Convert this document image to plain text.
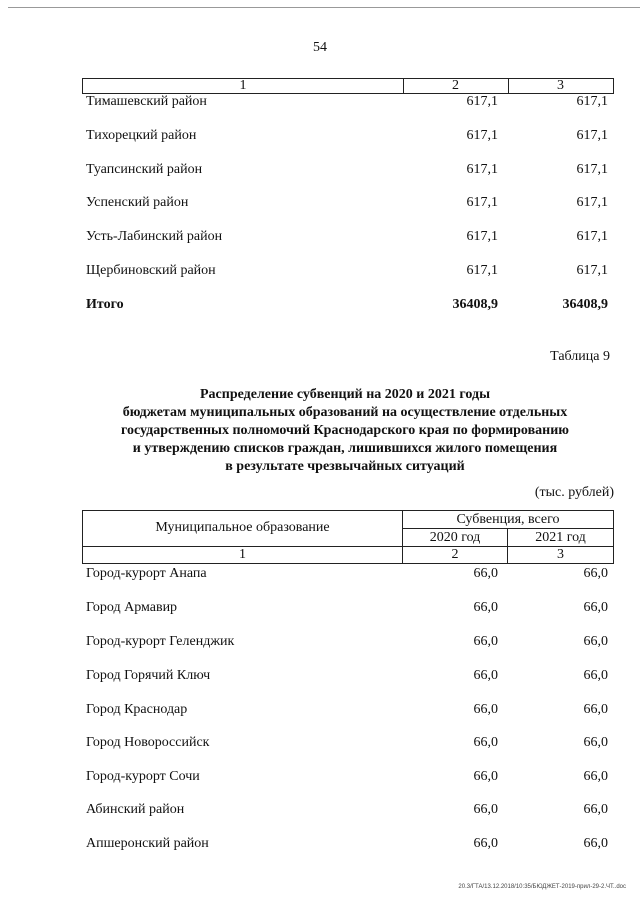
54
1	2	3
Тимашевский район	617,1	617,1
Тихорецкий район	617,1	617,1
Туапсинский район	617,1	617,1
Успенский район	617,1	617,1
Усть-Лабинский район	617,1	617,1
Щербиновский район	617,1	617,1
Итого	36408,9	36408,9
Таблица 9
Распределение субвенций на 2020 и 2021 годы
бюджетам муниципальных образований на осуществление отдельных
государственных полномочий Краснодарского края по формированию
и утверждению списков граждан, лишившихся жилого помещения
в результате чрезвычайных ситуаций
(тыс. рублей)
Муниципальное образование
Субвенция, всего
2020 год	2021 год
1	2	3
Город-курорт Анапа	66,0	66,0
Город Армавир	66,0	66,0
Город-курорт Геленджик	66,0	66,0
Город Горячий Ключ	66,0	66,0
Город Краснодар	66,0	66,0
Город Новороссийск	66,0	66,0
Город-курорт Сочи	66,0	66,0
Абинский район	66,0	66,0
Апшеронский район	66,0	66,0
20.3/ГТА/13.12.2018/10:35/БЮДЖЕТ-2019-прил-29-2.ЧТ..doc
